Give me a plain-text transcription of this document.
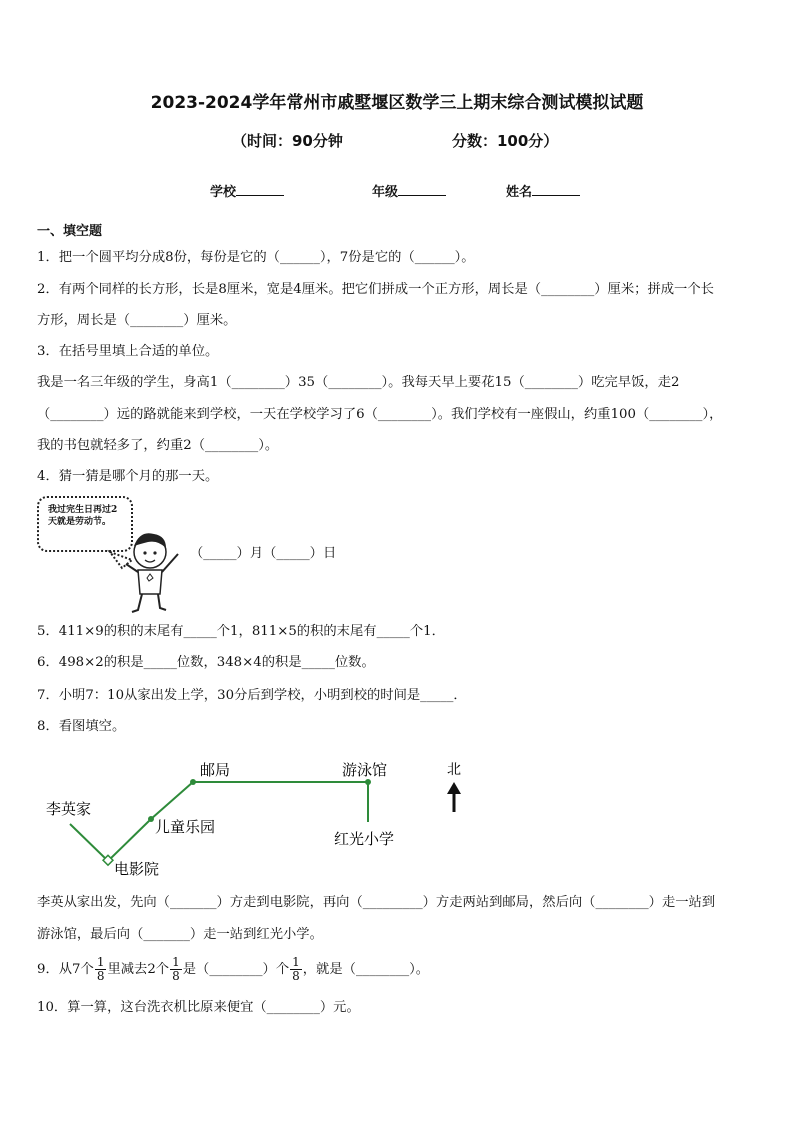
2023-2024学年常州市戚墅堰区数学三上期末综合测试模拟试题
（时间：90分钟	分数：100分）
学校	年级	姓名
一、填空题
1．把一个圆平均分成8份，每份是它的（______），7份是它的（______）。
2．有两个同样的长方形，长是8厘米，宽是4厘米。把它们拼成一个正方形，周长是（________）厘米；拼成一个长
方形，周长是（________）厘米。
3．在括号里填上合适的单位。
我是一名三年级的学生，身高1（________）35（________）。我每天早上要花15（________）吃完早饭，走2
（________）远的路就能来到学校，一天在学校学习了6（________）。我们学校有一座假山，约重100（________），
我的书包就轻多了，约重2（________）。
4．猜一猜是哪个月的那一天。
我过完生日再过2天就是劳动节。
（_____）月（_____）日
5．411×9的积的末尾有_____个1，811×5的积的末尾有_____个1．
6．498×2的积是_____位数，348×4的积是_____位数。
7．小明7：10从家出发上学，30分后到学校，小明到校的时间是_____．
8．看图填空。
李英家
电影院
儿童乐园
邮局	游泳馆
红光小学
北
李英从家出发，先向（_______）方走到电影院，再向（_________）方走两站到邮局，然后向（________）走一站到
游泳馆，最后向（_______）走一站到红光小学。
9．从7个 $\frac{1}{8}$ 里减去2个 $\frac{1}{8}$ 是（________）个 $\frac{1}{8}$ ，就是（________）。
10．算一算，这台洗衣机比原来便宜（________）元。
